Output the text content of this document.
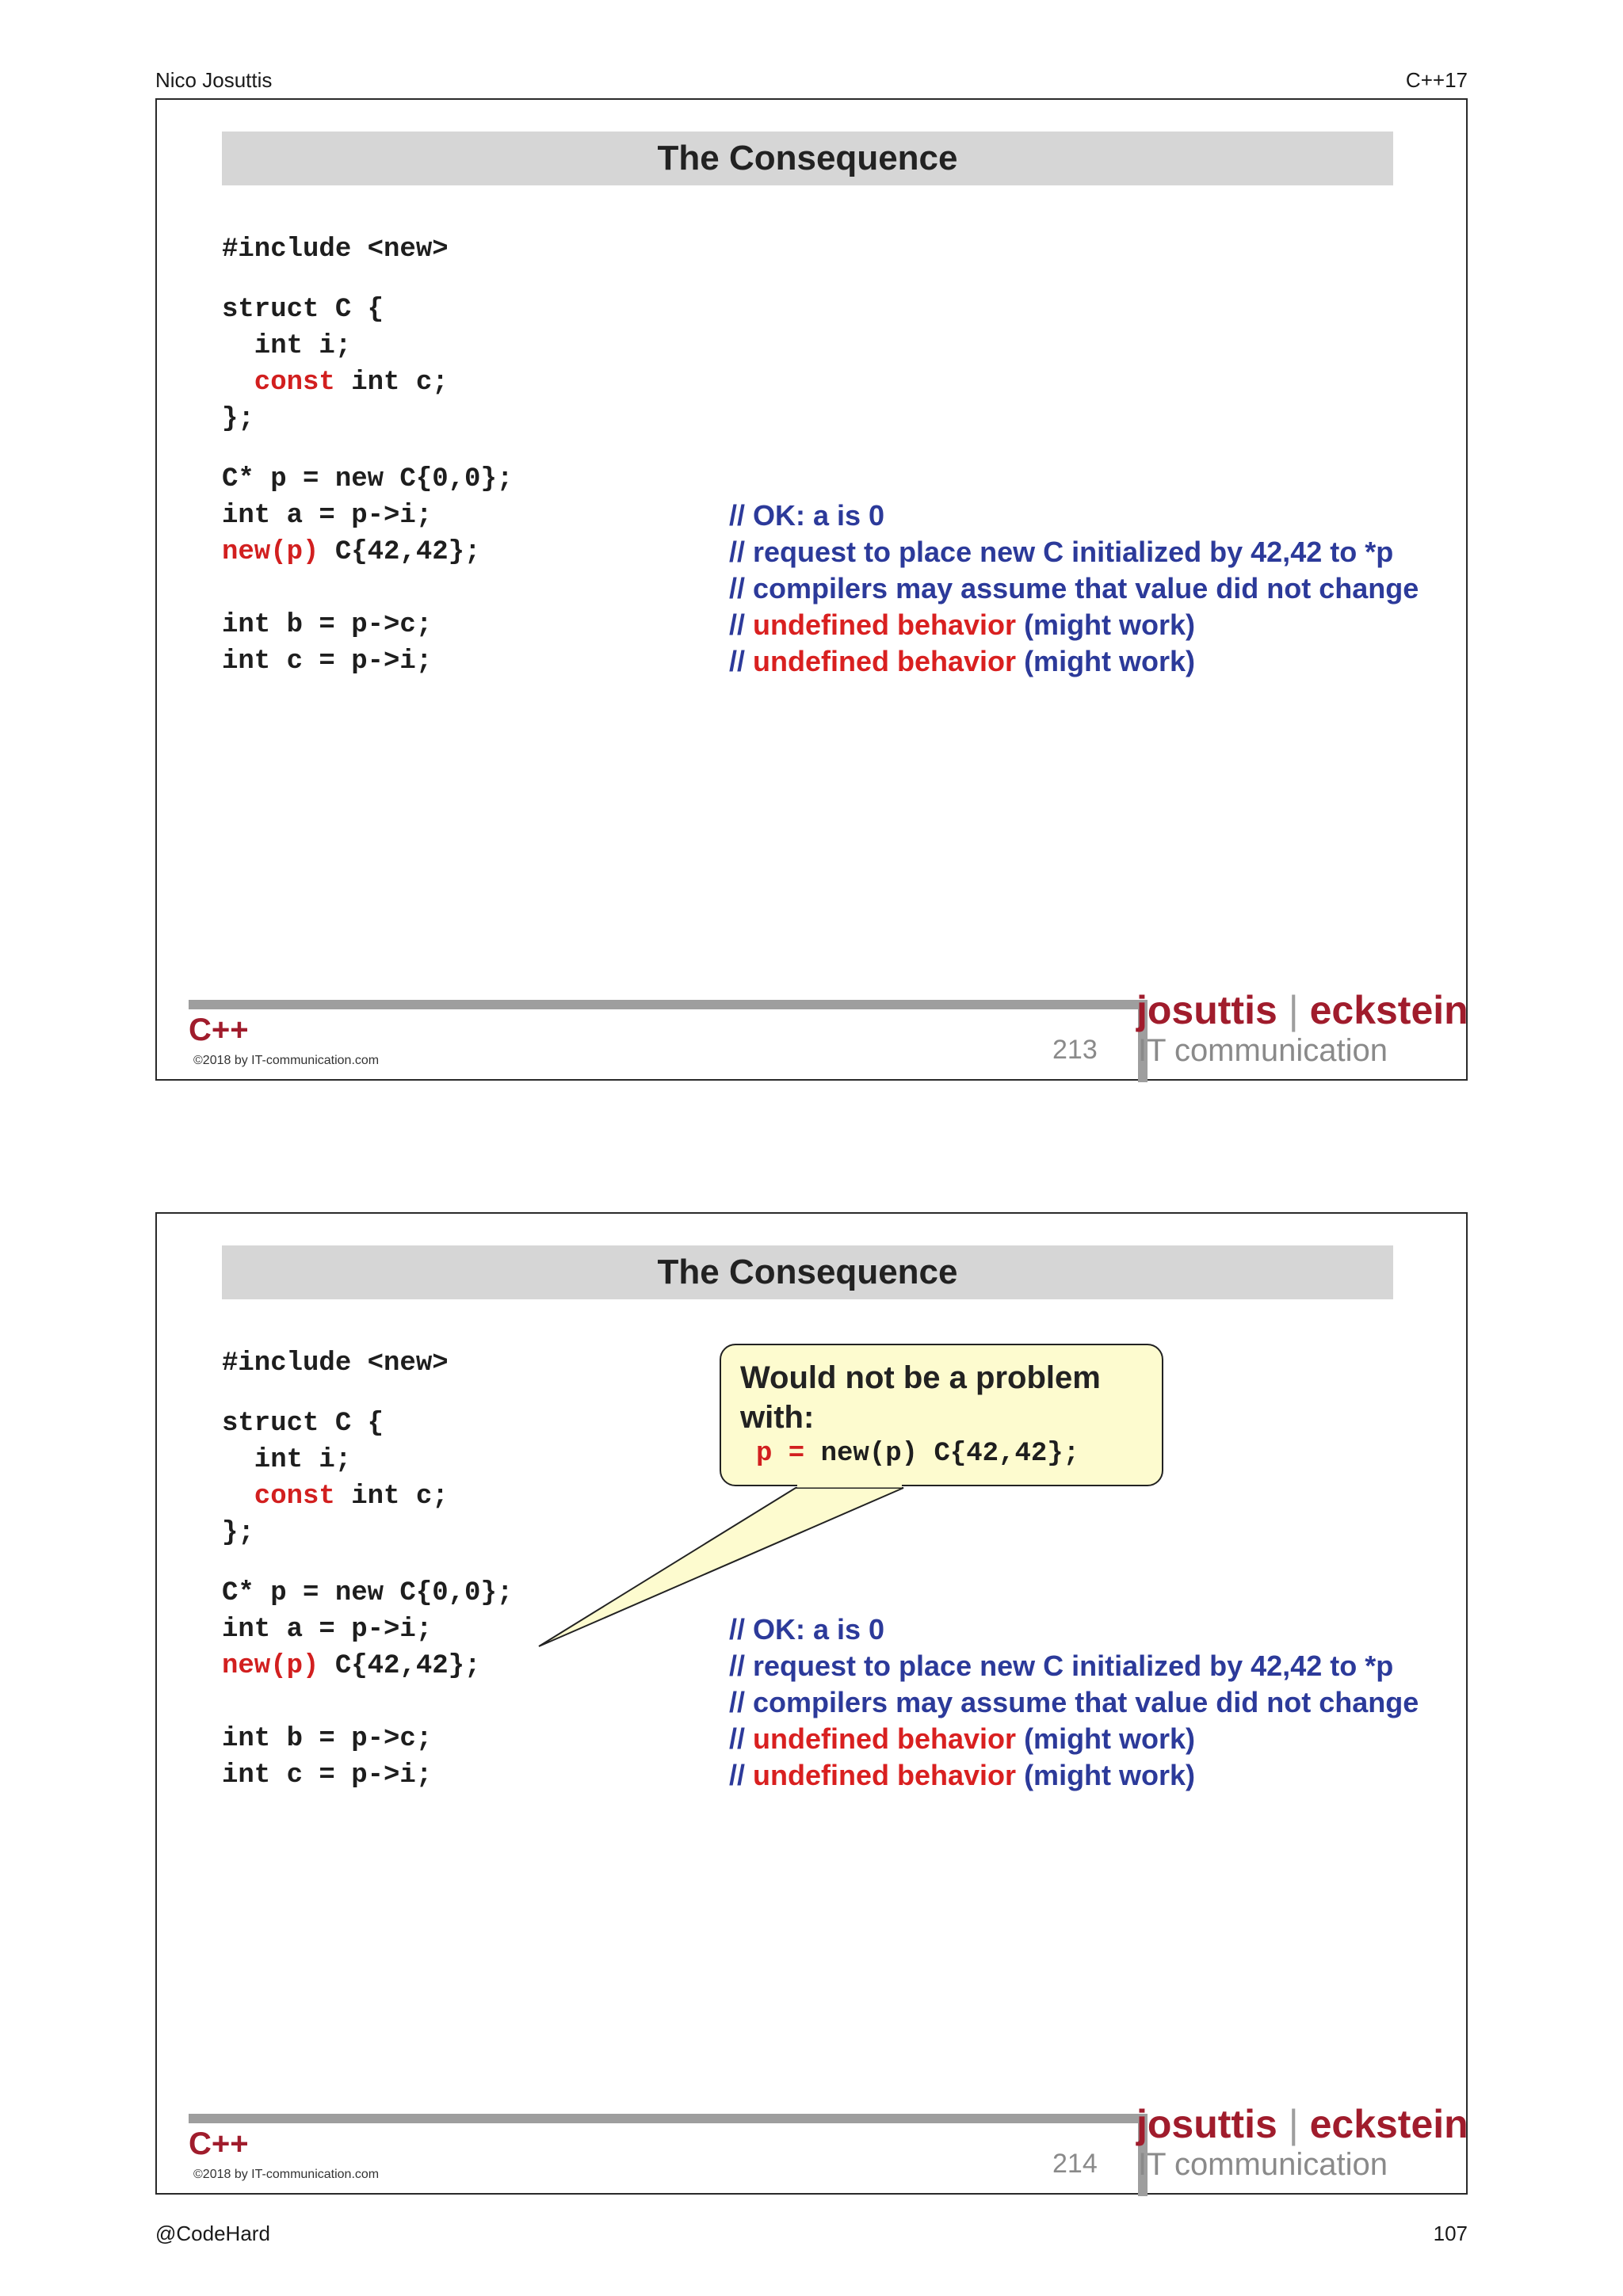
Nico Josuttis	C++17
The Consequence
#include <new>
struct C {
int i;
const int c;
};
C* p = new C{0,0};
int a = p->i;
new(p) C{42,42};
int b = p->c;
int c = p->i;
// OK: a is 0
// request to place new C initialized by 42,42 to *p
// compilers may assume that value did not change
// undefined behavior (might work)
// undefined behavior (might work)
C++
©2018 by IT-communication.com	213
josuttis | eckstein
IT communication
The Consequence
#include <new>
struct C {
int i;
const int c;
};
C* p = new C{0,0};
int a = p->i;
new(p) C{42,42};
int b = p->c;
int c = p->i;
// OK: a is 0
// request to place new C initialized by 42,42 to *p
// compilers may assume that value did not change
// undefined behavior (might work)
// undefined behavior (might work)
Would not be a problem
with:
p = new(p) C{42,42};
C++
©2018 by IT-communication.com	214
josuttis | eckstein
IT communication
@CodeHard	107
